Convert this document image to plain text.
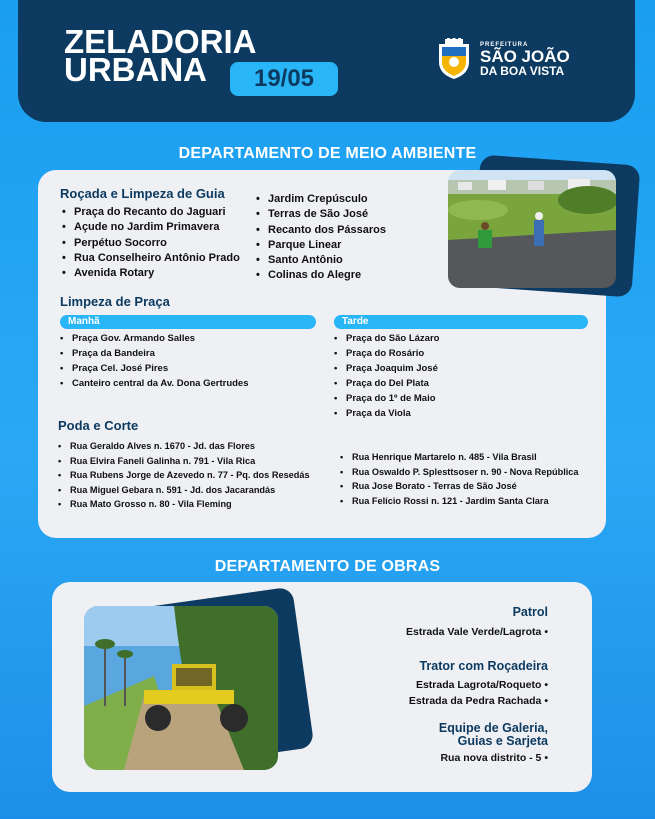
ZELADORIA
URBANA	19/05
PREFEITURA
SÃO JOÃO
DA BOA VISTA
DEPARTAMENTO DE MEIO AMBIENTE
Roçada e Limpeza de Guia
• Praça do Recanto do Jaguari
• Açude no Jardim Primavera
• Perpétuo Socorro
• Rua Conselheiro Antônio Prado
• Avenida Rotary
• Jardim Crepúsculo
• Terras de São José
• Recanto dos Pássaros
• Parque Linear
• Santo Antônio
• Colinas do Alegre
Limpeza de Praça
Manhã
• Praça Gov. Armando Salles
• Praça da Bandeira
• Praça Cel. José Pires
• Canteiro central da Av. Dona Gertrudes
Tarde
• Praça do São Lázaro
• Praça do Rosário
• Praça Joaquim José
• Praça do Del Plata
• Praça do 1º de Maio
• Praça da Viola
Poda e Corte
• Rua Geraldo Alves n. 1670 - Jd. das Flores
• Rua Elvira Faneli Galinha n. 791 - Vila Rica
• Rua Rubens Jorge de Azevedo n. 77 - Pq. dos Resedás
• Rua Miguel Gebara n. 591 - Jd. dos Jacarandás
• Rua Mato Grosso n. 80 - Vila Fleming
• Rua Henrique Martarelo n. 485 - Vila Brasil
• Rua Oswaldo P. Splesttsoser n. 90 - Nova República
• Rua Jose Borato - Terras de São José
• Rua Felício Rossi n. 121 - Jardim Santa Clara
DEPARTAMENTO DE OBRAS
Patrol
Estrada Vale Verde/Lagrota •
Trator com Roçadeira
Estrada Lagrota/Roqueto •
Estrada da Pedra Rachada •
Equipe de Galeria,
Guias e Sarjeta
Rua nova distrito - 5 •
